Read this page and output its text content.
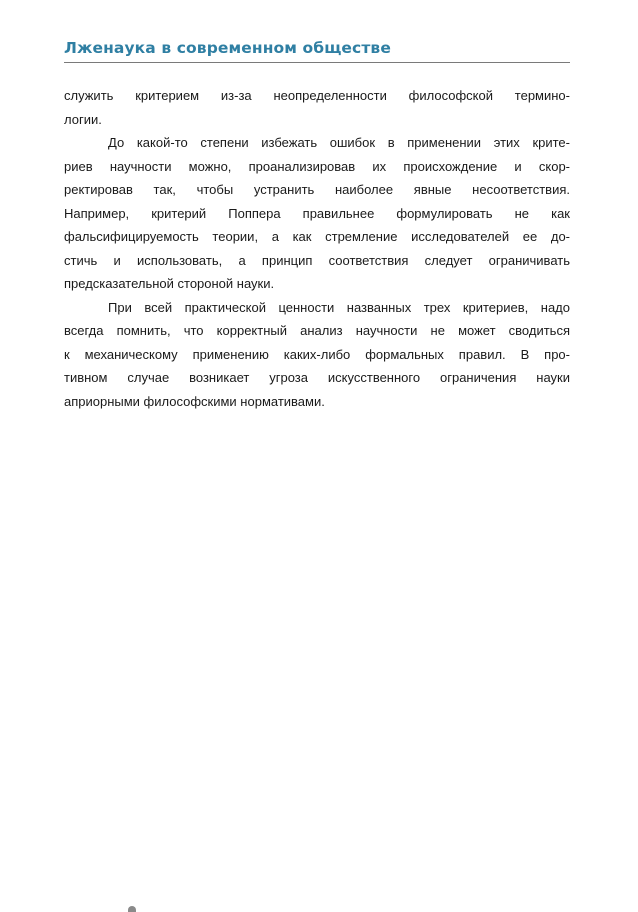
Лженаука в современном обществе
служить критерием из-за неопределенности философской термино-
логии.
До какой-то степени избежать ошибок в применении этих крите-
риев научности можно, проанализировав их происхождение и скор-
ректировав так, чтобы устранить наиболее явные несоответствия.
Например, критерий Поппера правильнее формулировать не как
фальсифицируемость теории, а как стремление исследователей ее до-
стичь и использовать, а принцип соответствия следует ограничивать
предсказательной стороной науки.
При всей практической ценности названных трех критериев, надо
всегда помнить, что корректный анализ научности не может сводиться
к механическому применению каких-либо формальных правил. В про-
тивном случае возникает угроза искусственного ограничения науки
априорными философскими нормативами.
